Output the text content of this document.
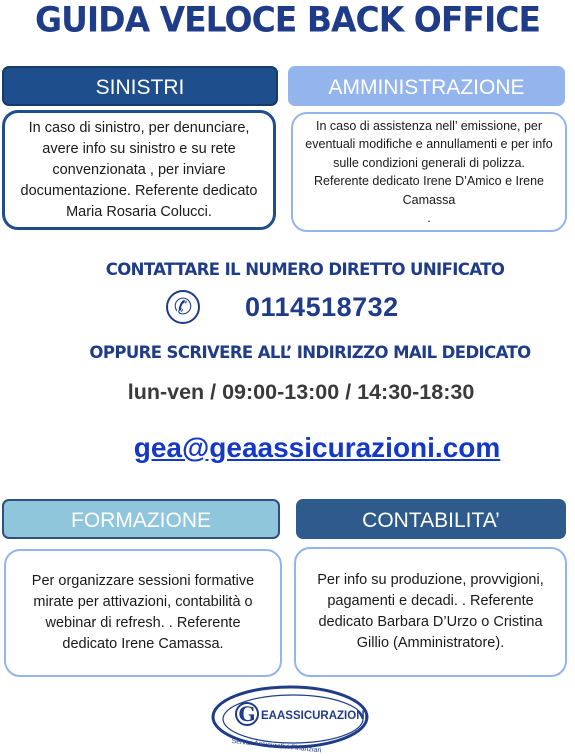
GUIDA VELOCE BACK OFFICE
SINISTRI	AMMINISTRAZIONE

In caso di sinistro, per denunciare, avere info su sinistro e su rete convenzionata , per inviare documentazione. Referente dedicato Maria Rosaria Colucci.

In caso di assistenza nell’ emissione, per eventuali modifiche e annullamenti e per info sulle condizioni generali di polizza. Referente dedicato Irene D’Amico e Irene Camassa

.

CONTATTARE IL NUMERO DIRETTO UNIFICATO
✆ 0114518732
OPPURE SCRIVERE ALL’ INDIRIZZO MAIL DEDICATO
lun-ven / 09:00-13:00 / 14:30-18:30
gea@geaassicurazioni.com
FORMAZIONE	CONTABILITA’

Per organizzare sessioni formative mirate per attivazioni, contabilità o webinar di refresh. . Referente dedicato Irene Camassa.

Per info su produzione, provvigioni, pagamenti e decadi. . Referente dedicato Barbara D’Urzo o Cristina Gillio (Amministratore).

G EAASSICURAZIONI
Servizi Assicurativi Finanziari
